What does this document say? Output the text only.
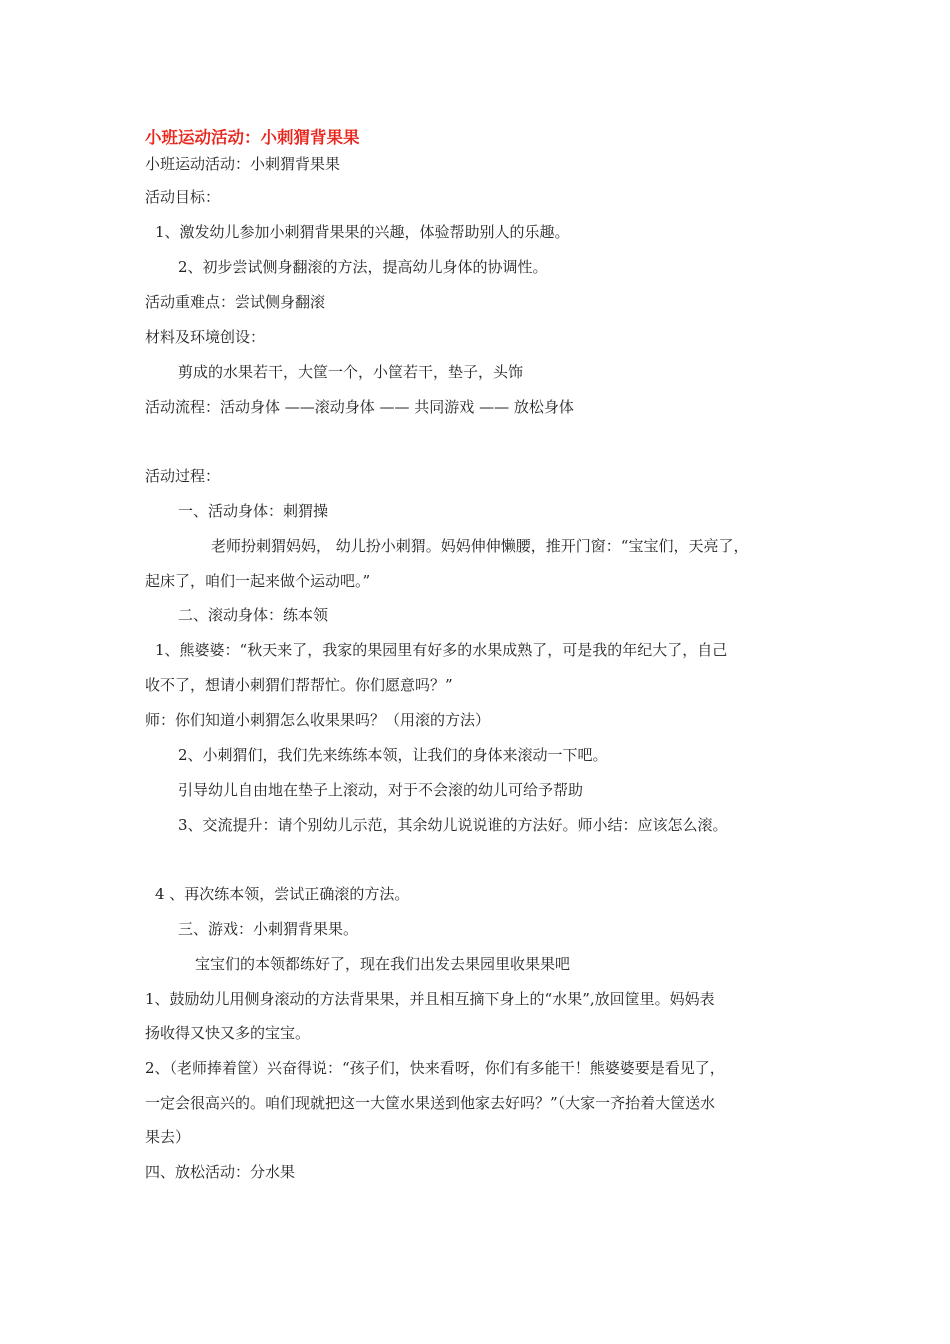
小班运动活动：小刺猬背果果
小班运动活动：小刺猬背果果
活动目标：
1、激发幼儿参加小刺猬背果果的兴趣，体验帮助别人的乐趣。
2、初步尝试侧身翻滚的方法，提高幼儿身体的协调性。
活动重难点：尝试侧身翻滚
材料及环境创设：
剪成的水果若干，大筐一个，小筐若干，垫子，头饰
活动流程：活动身体 ——滚动身体 —— 共同游戏 —— 放松身体
活动过程：
一、活动身体：刺猬操
老师扮刺猬妈妈， 幼儿扮小刺猬。妈妈伸伸懒腰，推开门窗：“宝宝们，天亮了，
起床了，咱们一起来做个运动吧。”
二、滚动身体：练本领
1、熊婆婆：“秋天来了，我家的果园里有好多的水果成熟了，可是我的年纪大了，自己
收不了，想请小刺猬们帮帮忙。你们愿意吗？”
师：你们知道小刺猬怎么收果果吗？（用滚的方法）
2、小刺猬们，我们先来练练本领，让我们的身体来滚动一下吧。
引导幼儿自由地在垫子上滚动，对于不会滚的幼儿可给予帮助
3、交流提升：请个别幼儿示范，其余幼儿说说谁的方法好。师小结：应该怎么滚。
4 、再次练本领，尝试正确滚的方法。
三、游戏：小刺猬背果果。
宝宝们的本领都练好了，现在我们出发去果园里收果果吧
1、鼓励幼儿用侧身滚动的方法背果果，并且相互摘下身上的“水果”,放回筐里。妈妈表
扬收得又快又多的宝宝。
2、（老师捧着筐）兴奋得说：“孩子们，快来看呀，你们有多能干！熊婆婆要是看见了，
一定会很高兴的。咱们现就把这一大筐水果送到他家去好吗？”（大家一齐抬着大筐送水
果去）
四、放松活动：分水果
